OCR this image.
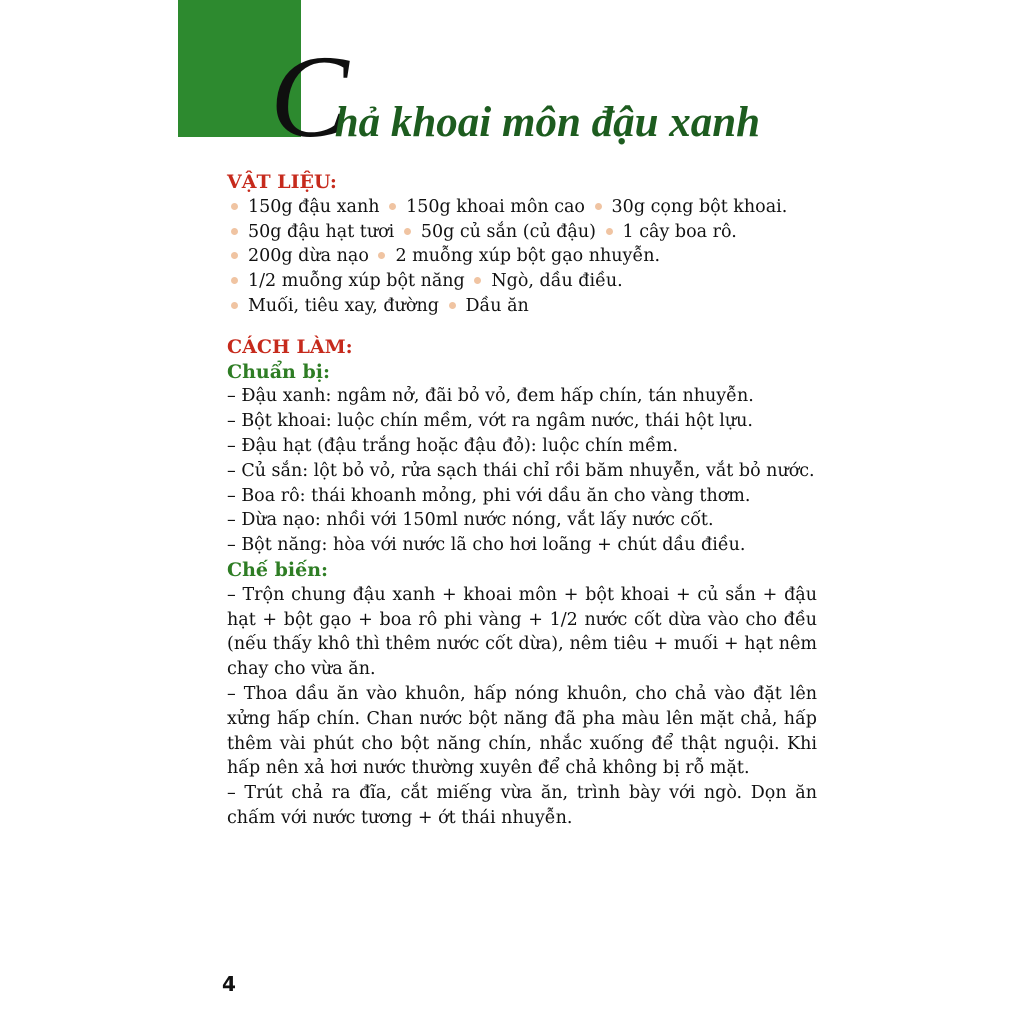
Chả khoai môn đậu xanh
VẬT LIỆU:
150g đậu xanh 150g khoai môn cao 30g cọng bột khoai.
50g đậu hạt tươi 50g củ sắn (củ đậu) 1 cây boa rô.
200g dừa nạo 2 muỗng xúp bột gạo nhuyễn.
1/2 muỗng xúp bột năng Ngò, dầu điều.
Muối, tiêu xay, đường Dầu ăn
CÁCH LÀM:
Chuẩn bị:
– Đậu xanh: ngâm nở, đãi bỏ vỏ, đem hấp chín, tán nhuyễn.
– Bột khoai: luộc chín mềm, vớt ra ngâm nước, thái hột lựu.
– Đậu hạt (đậu trắng hoặc đậu đỏ): luộc chín mềm.
– Củ sắn: lột bỏ vỏ, rửa sạch thái chỉ rồi băm nhuyễn, vắt bỏ nước.
– Boa rô: thái khoanh mỏng, phi với dầu ăn cho vàng thơm.
– Dừa nạo: nhồi với 150ml nước nóng, vắt lấy nước cốt.
– Bột năng: hòa với nước lã cho hơi loãng + chút dầu điều.
Chế biến:
– Trộn chung đậu xanh + khoai môn + bột khoai + củ sắn + đậu hạt + bột gạo + boa rô phi vàng + 1/2 nước cốt dừa vào cho đều (nếu thấy khô thì thêm nước cốt dừa), nêm tiêu + muối + hạt nêm chay cho vừa ăn.
– Thoa dầu ăn vào khuôn, hấp nóng khuôn, cho chả vào đặt lên xửng hấp chín. Chan nước bột năng đã pha màu lên mặt chả, hấp thêm vài phút cho bột năng chín, nhắc xuống để thật nguội. Khi hấp nên xả hơi nước thường xuyên để chả không bị rỗ mặt.
– Trút chả ra đĩa, cắt miếng vừa ăn, trình bày với ngò. Dọn ăn chấm với nước tương + ớt thái nhuyễn.
4
